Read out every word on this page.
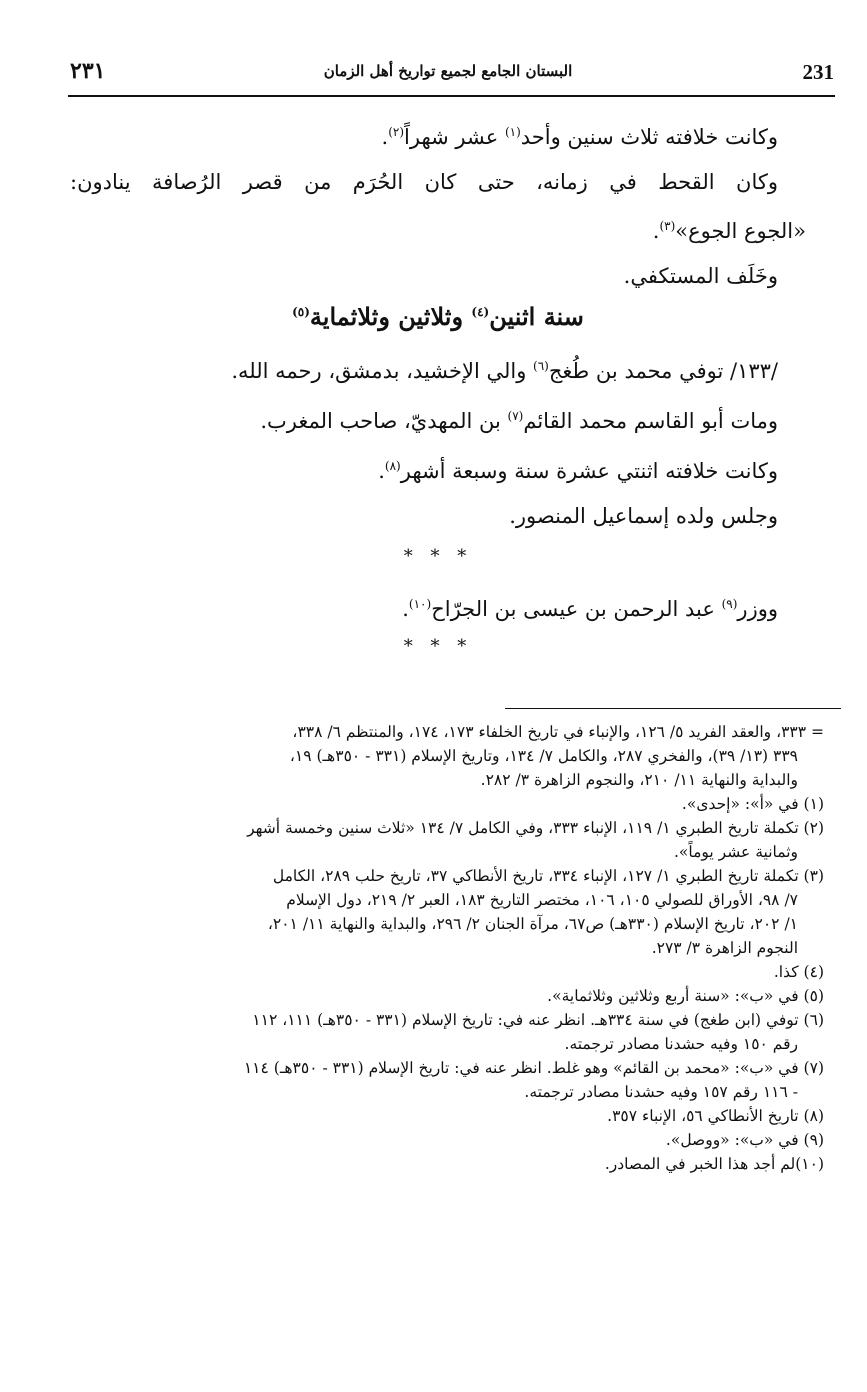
٢٣١	البستان الجامع لجميع تواريخ أهل الزمان	231

وكانت خلافته ثلاث سنين وأحد$^{(١)}$ عشر شهراً$^{(٢)}$.

وكان القحط في زمانه، حتى كان الحُرَم من قصر الرُصافة ينادون:

«الجوع الجوع»$^{(٣)}$.

وخَلَف المستكفي.

سنة اثنين$^{(٤)}$ وثلاثين وثلاثماية$^{(٥)}$

/١٣٣/ توفي محمد بن طُغج$^{(٦)}$ والي الإخشيد، بدمشق، رحمه الله.

ومات أبو القاسم محمد القائم$^{(٧)}$ بن المهديّ، صاحب المغرب.

وكانت خلافته اثنتي عشرة سنة وسبعة أشهر$^{(٨)}$.

وجلس ولده إسماعيل المنصور.

* * *

ووزر$^{(٩)}$ عبد الرحمن بن عيسى بن الجرّاح$^{(١٠)}$.

* * *

= ٣٣٣، والعقد الفريد ٥/ ١٢٦، والإنباء في تاريخ الخلفاء ١٧٣، ١٧٤، والمنتظم ٦/ ٣٣٨،
٣٣٩ (١٣/ ٣٩)، والفخري ٢٨٧، والكامل ٧/ ١٣٤، وتاريخ الإسلام (٣٣١ - ٣٥٠هـ) ١٩،
والبداية والنهاية ١١/ ٢١٠، والنجوم الزاهرة ٣/ ٢٨٢.

(١) في «أ»: «إحدى».

(٢) تكملة تاريخ الطبري ١/ ١١٩، الإنباء ٣٣٣، وفي الكامل ٧/ ١٣٤ «ثلاث سنين وخمسة أشهر
وثمانية عشر يوماً».

(٣) تكملة تاريخ الطبري ١/ ١٢٧، الإنباء ٣٣٤، تاريخ الأنطاكي ٣٧، تاريخ حلب ٢٨٩، الكامل
٧/ ٩٨، الأوراق للصولي ١٠٥، ١٠٦، مختصر التاريخ ١٨٣، العبر ٢/ ٢١٩، دول الإسلام
١/ ٢٠٢، تاريخ الإسلام (٣٣٠هـ) ص٦٧، مرآة الجنان ٢/ ٢٩٦، والبداية والنهاية ١١/ ٢٠١،
النجوم الزاهرة ٣/ ٢٧٣.

(٤) كذا.

(٥) في «ب»: «سنة أربع وثلاثين وثلاثماية».

(٦) توفي (ابن طغج) في سنة ٣٣٤هـ. انظر عنه في: تاريخ الإسلام (٣٣١ - ٣٥٠هـ) ١١١، ١١٢
رقم ١٥٠ وفيه حشدنا مصادر ترجمته.

(٧) في «ب»: «محمد بن القائم» وهو غلط. انظر عنه في: تاريخ الإسلام (٣٣١ - ٣٥٠هـ) ١١٤
- ١١٦ رقم ١٥٧ وفيه حشدنا مصادر ترجمته.

(٨) تاريخ الأنطاكي ٥٦، الإنباء ٣٥٧.

(٩) في «ب»: «ووصل».

(١٠)لم أجد هذا الخبر في المصادر.
